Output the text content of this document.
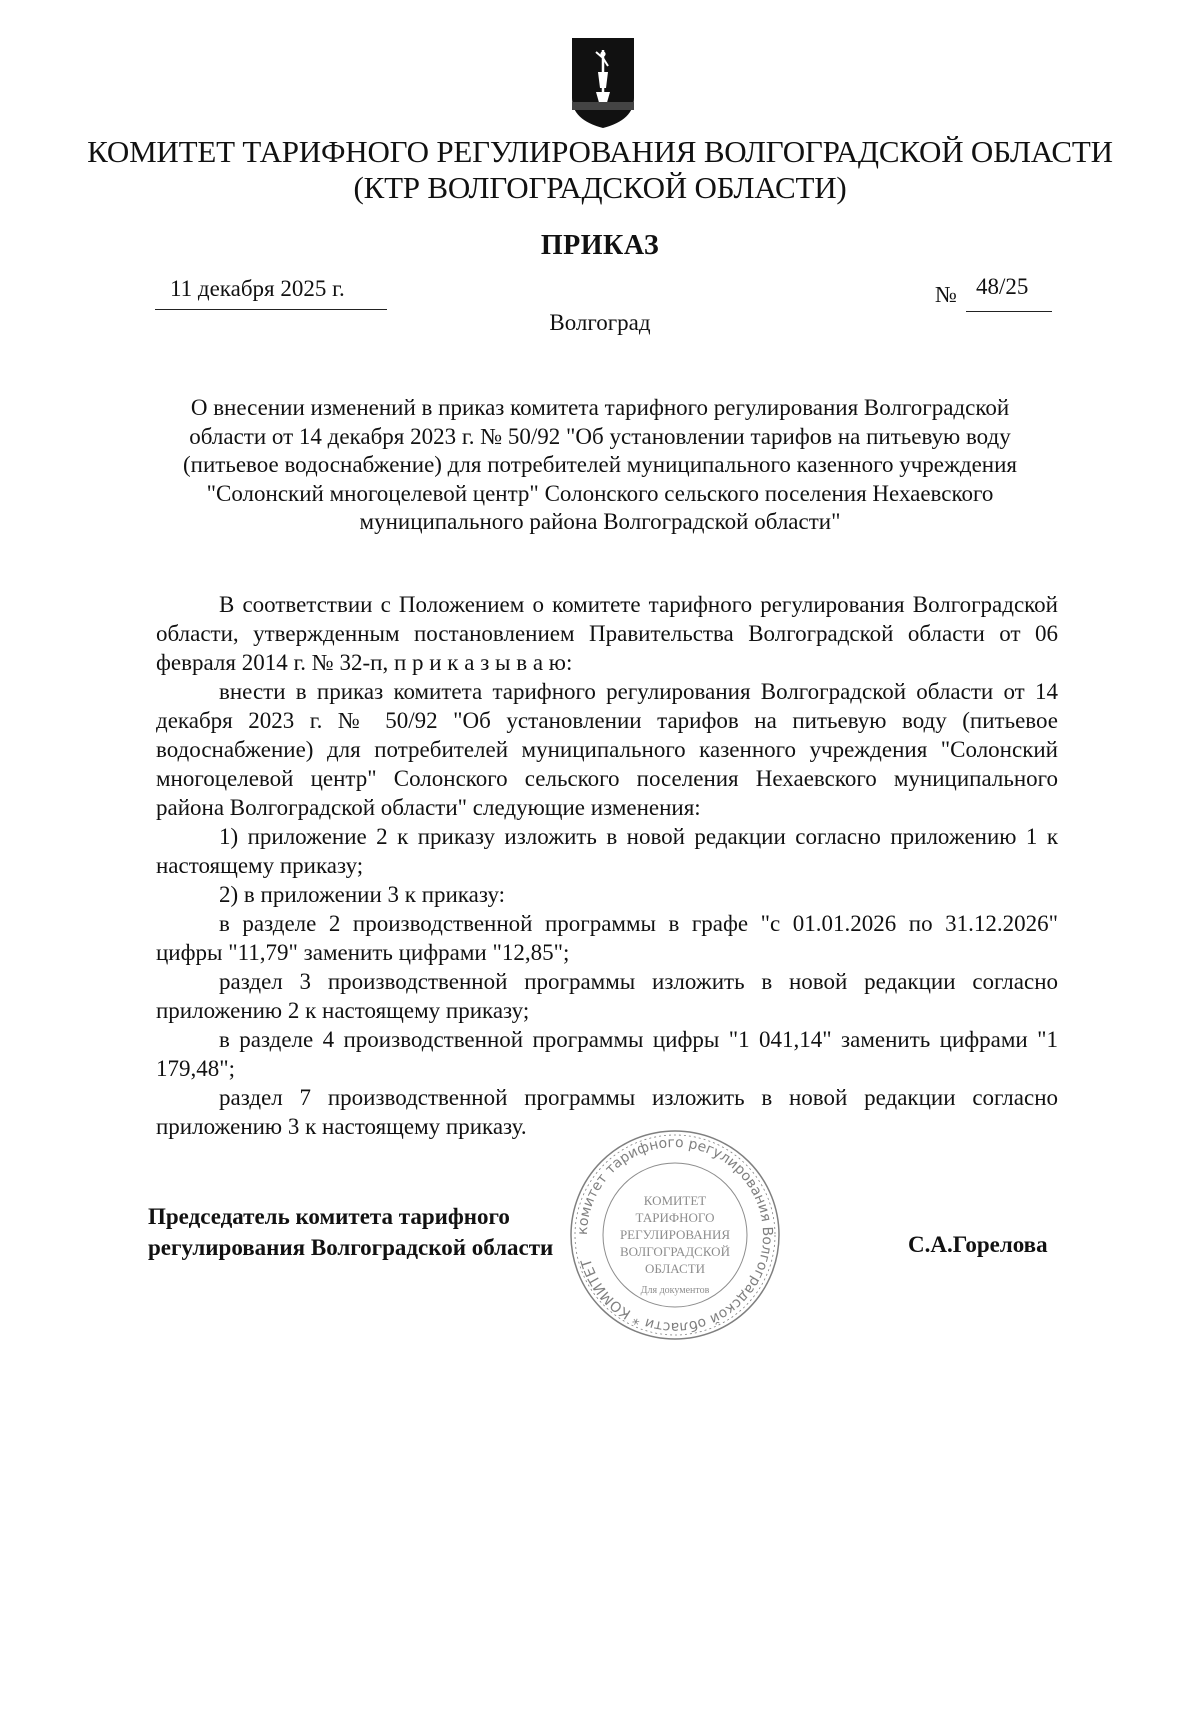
КОМИТЕТ ТАРИФНОГО РЕГУЛИРОВАНИЯ ВОЛГОГРАДСКОЙ ОБЛАСТИ
(КТР ВОЛГОГРАДСКОЙ ОБЛАСТИ)
ПРИКАЗ
11 декабря 2025 г.	№ 48/25
Волгоград
О внесении изменений в приказ комитета тарифного регулирования Волгоградской
области от 14 декабря 2023 г. № 50/92 "Об установлении тарифов на питьевую воду
(питьевое водоснабжение) для потребителей муниципального казенного учреждения
"Солонский многоцелевой центр" Солонского сельского поселения Нехаевского
муниципального района Волгоградской области"

В соответствии с Положением о комитете тарифного регулирования Волгоградской области, утвержденным постановлением Правительства Волгоградской области от 06 февраля 2014 г. № 32-п, п р и к а з ы в а ю:

внести в приказ комитета тарифного регулирования Волгоградской области от 14 декабря 2023 г. № 50/92 "Об установлении тарифов на питьевую воду (питьевое водоснабжение) для потребителей муниципального казенного учреждения "Солонский многоцелевой центр" Солонского сельского поселения Нехаевского муниципального района Волгоградской области" следующие изменения:

1) приложение 2 к приказу изложить в новой редакции согласно приложению 1 к настоящему приказу;

2) в приложении 3 к приказу:

в разделе 2 производственной программы в графе "с 01.01.2026 по 31.12.2026" цифры "11,79" заменить цифрами "12,85";

раздел 3 производственной программы изложить в новой редакции согласно приложению 2 к настоящему приказу;

в разделе 4 производственной программы цифры "1 041,14" заменить цифрами "1 179,48";

раздел 7 производственной программы изложить в новой редакции согласно приложению 3 к настоящему приказу.

Председатель комитета тарифного
регулирования Волгоградской области	С.А.Горелова
комитет тарифного регулирования Волгоградской области * КОМИТЕТ
КОМИТЕТ
ТАРИФНОГО
РЕГУЛИРОВАНИЯ
ВОЛГОГРАДСКОЙ
ОБЛАСТИ
Для документов
